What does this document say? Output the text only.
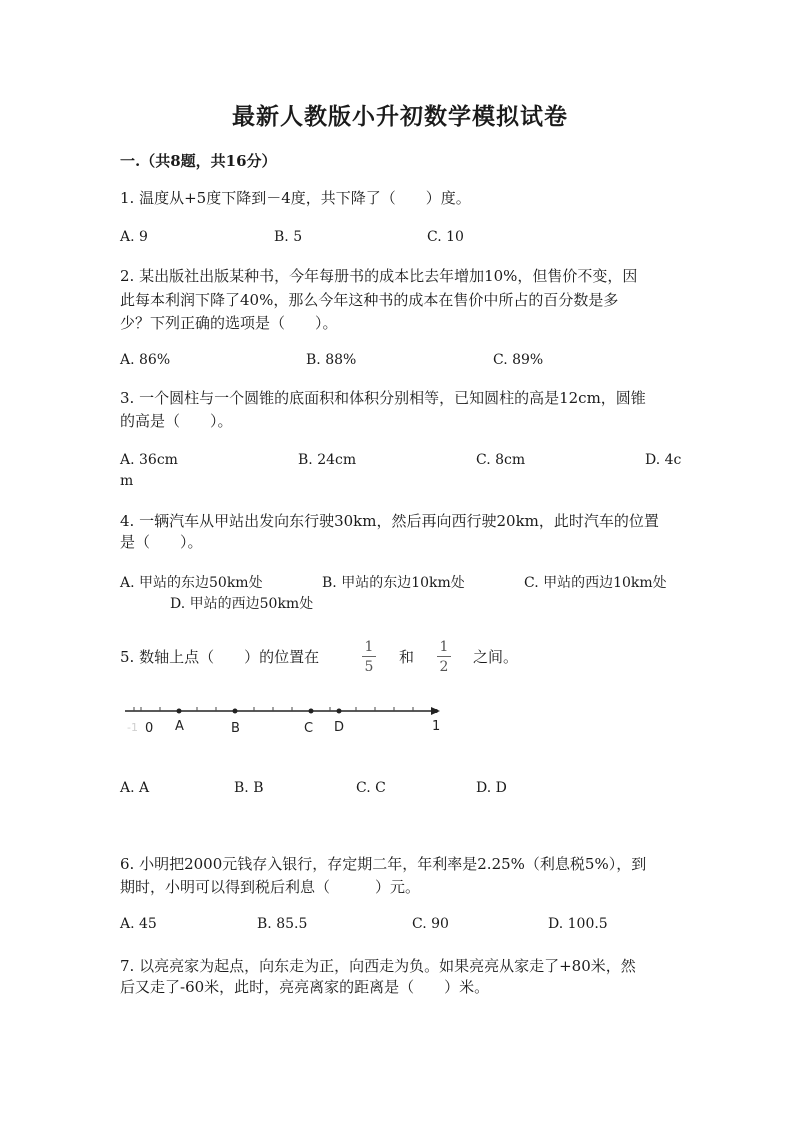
最新人教版小升初数学模拟试卷
一.（共8题，共16分）
1. 温度从+5度下降到－4度，共下降了（　　）度。
A. 9	B. 5	C. 10
2. 某出版社出版某种书，今年每册书的成本比去年增加10%，但售价不变，因
此每本利润下降了40%，那么今年这种书的成本在售价中所占的百分数是多
少？下列正确的选项是（　　）。
A. 86%	B. 88%	C. 89%
3. 一个圆柱与一个圆锥的底面积和体积分别相等，已知圆柱的高是12cm，圆锥
的高是（　　）。
A. 36cm	B. 24cm	C. 8cm	D. 4c
m
4. 一辆汽车从甲站出发向东行驶30km，然后再向西行驶20km，此时汽车的位置
是（　　）。
A. 甲站的东边50km处	B. 甲站的东边10km处	C. 甲站的西边10km处
D. 甲站的西边50km处
5. 数轴上点（　　）的位置在
1
5
和
1
2
之间。
-1 0 A	B	C D	1
A. A	B. B	C. C	D. D
6. 小明把2000元钱存入银行，存定期二年，年利率是2.25%（利息税5%），到
期时，小明可以得到税后利息（　　　）元。
A. 45	B. 85.5	C. 90	D. 100.5
7. 以亮亮家为起点，向东走为正，向西走为负。如果亮亮从家走了+80米，然
后又走了-60米，此时，亮亮离家的距离是（　　）米。
